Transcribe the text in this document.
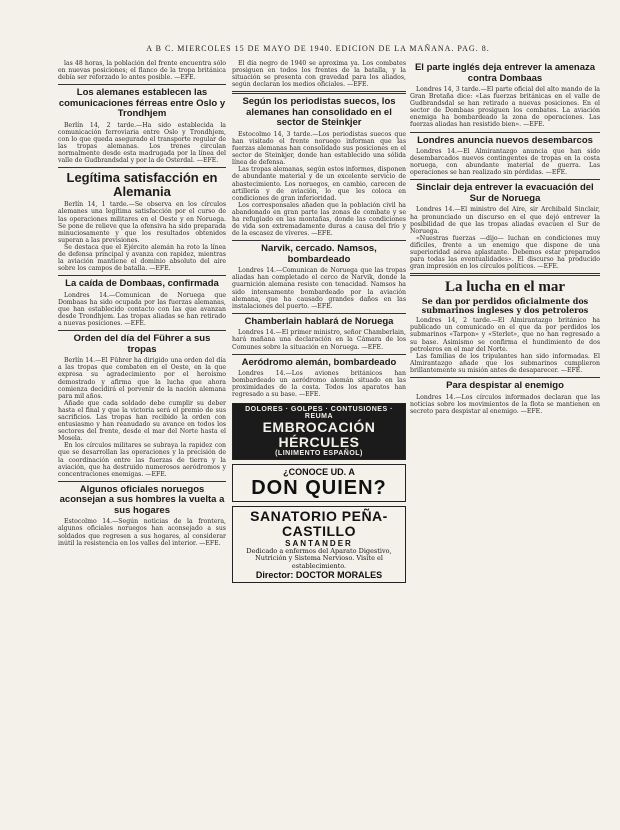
A B C. MIERCOLES 15 DE MAYO DE 1940. EDICION DE LA MAÑANA. PAG. 8.

las 48 horas, la población del frente encuentra sólo en nuevas posiciones; el flanco de la tropa británica debía ser reforzado lo antes posible. —EFE.

Los alemanes establecen las comunicaciones férreas entre Oslo y Trondhjem

Berlín 14, 2 tarde.—Ha sido establecida la comunicación ferroviaria entre Oslo y Trondhjem, con lo que queda asegurado el transporte regular de las tropas alemanas. Los trenes circulan normalmente desde esta madrugada por la línea del valle de Gudbrandsdal y por la de Osterdal. —EFE.

Legítima satisfacción en Alemania

Berlín 14, 1 tarde.—Se observa en los círculos alemanes una legítima satisfacción por el curso de las operaciones militares en el Oeste y en Noruega. Se pone de relieve que la ofensiva ha sido preparada minuciosamente y que los resultados obtenidos superan a las previsiones.

Se destaca que el Ejército alemán ha roto la línea de defensa principal y avanza con rapidez, mientras la aviación mantiene el dominio absoluto del aire sobre los campos de batalla. —EFE.

La caída de Dombaas, confirmada

Londres 14.—Comunican de Noruega que Dombaas ha sido ocupada por las fuerzas alemanas, que han establecido contacto con las que avanzan desde Trondhjem. Las tropas aliadas se han retirado a nuevas posiciones. —EFE.

Orden del día del Führer a sus tropas

Berlín 14.—El Führer ha dirigido una orden del día a las tropas que combaten en el Oeste, en la que expresa su agradecimiento por el heroísmo demostrado y afirma que la lucha que ahora comienza decidirá el porvenir de la nación alemana para mil años.

Añade que cada soldado debe cumplir su deber hasta el final y que la victoria será el premio de sus sacrificios. Las tropas han recibido la orden con entusiasmo y han reanudado su avance en todos los sectores del frente, desde el mar del Norte hasta el Mosela.

En los círculos militares se subraya la rapidez con que se desarrollan las operaciones y la precisión de la coordinación entre las fuerzas de tierra y la aviación, que ha destruido numerosos aeródromos y concentraciones enemigas. —EFE.

Algunos oficiales noruegos aconsejan a sus hombres la vuelta a sus hogares

Estocolmo 14.—Según noticias de la frontera, algunos oficiales noruegos han aconsejado a sus soldados que regresen a sus hogares, al considerar inútil la resistencia en los valles del interior. —EFE.

El día negro de 1940 se aproxima ya. Los combates prosiguen en todos los frentes de la batalla, y la situación se presenta con gravedad para los aliados, según declaran los medios oficiales. —EFE.

Según los periodistas suecos, los alemanes han consolidado en el sector de Steinkjer

Estocolmo 14, 3 tarde.—Los periodistas suecos que han visitado el frente noruego informan que las fuerzas alemanas han consolidado sus posiciones en el sector de Steinkjer, donde han establecido una sólida línea de defensa.

Las tropas alemanas, según estos informes, disponen de abundante material y de un excelente servicio de abastecimiento. Los noruegos, en cambio, carecen de artillería y de aviación, lo que les coloca en condiciones de gran inferioridad.

Los corresponsales añaden que la población civil ha abandonado en gran parte las zonas de combate y se ha refugiado en las montañas, donde las condiciones de vida son extremadamente duras a causa del frío y de la escasez de víveres. —EFE.

Narvik, cercado. Namsos, bombardeado

Londres 14.—Comunican de Noruega que las tropas aliadas han completado el cerco de Narvik, donde la guarnición alemana resiste con tenacidad. Namsos ha sido intensamente bombardeado por la aviación alemana, que ha causado grandes daños en las instalaciones del puerto. —EFE.

Chamberlain hablará de Noruega

Londres 14.—El primer ministro, señor Chamberlain, hará mañana una declaración en la Cámara de los Comunes sobre la situación en Noruega. —EFE.

Aeródromo alemán, bombardeado

Londres 14.—Los aviones británicos han bombardeado un aeródromo alemán situado en las proximidades de la costa. Todos los aparatos han regresado a su base. —EFE.

DOLORES · GOLPES · CONTUSIONES · REUMA
EMBROCACIÓN HÉRCULES
(LINIMENTO ESPAÑOL)
¿CONOCE UD. A
DON QUIEN?
SANATORIO PEÑA-CASTILLO
SANTANDER
Dedicado a enfermos del Aparato Digestivo, Nutrición y Sistema Nervioso. Visite el establecimiento.
Director: DOCTOR MORALES
El parte inglés deja entrever la amenaza contra Dombaas

Londres 14, 3 tarde.—El parte oficial del alto mando de la Gran Bretaña dice: «Las fuerzas británicas en el valle de Gudbrandsdal se han retirado a nuevas posiciones. En el sector de Dombaas prosiguen los combates. La aviación enemiga ha bombardeado la zona de operaciones. Las fuerzas aliadas han resistido bien». —EFE.

Londres anuncia nuevos desembarcos

Londres 14.—El Almirantazgo anuncia que han sido desembarcados nuevos contingentes de tropas en la costa noruega, con abundante material de guerra. Las operaciones se han realizado sin pérdidas. —EFE.

Sinclair deja entrever la evacuación del Sur de Noruega

Londres 14.—El ministro del Aire, sir Archibald Sinclair, ha pronunciado un discurso en el que dejó entrever la posibilidad de que las tropas aliadas evacúen el Sur de Noruega.

«Nuestras fuerzas —dijo— luchan en condiciones muy difíciles, frente a un enemigo que dispone de una superioridad aérea aplastante. Debemos estar preparados para todas las eventualidades». El discurso ha producido gran impresión en los círculos políticos. —EFE.

La lucha en el mar
Se dan por perdidos oficialmente dos submarinos ingleses y dos petroleros

Londres 14, 2 tarde.—El Almirantazgo británico ha publicado un comunicado en el que da por perdidos los submarinos «Tarpon» y «Sterlet», que no han regresado a su base. Asimismo se confirma el hundimiento de dos petroleros en el mar del Norte.

Las familias de los tripulantes han sido informadas. El Almirantazgo añade que los submarinos cumplieron brillantemente su misión antes de desaparecer. —EFE.

Para despistar al enemigo

Londres 14.—Los círculos informados declaran que las noticias sobre los movimientos de la flota se mantienen en secreto para despistar al enemigo. —EFE.
